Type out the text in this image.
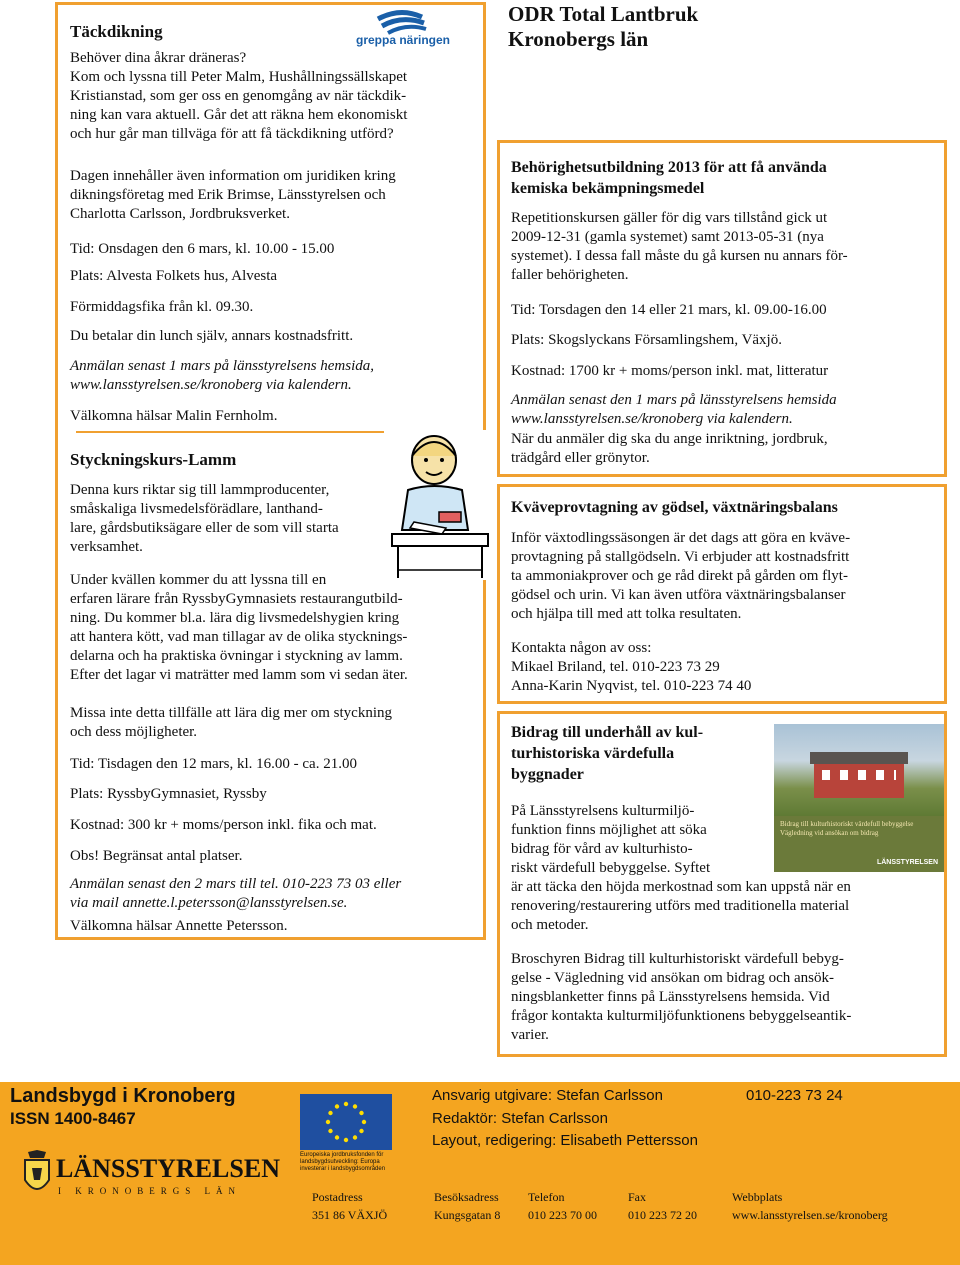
Täckdikning	greppa näringen
Behöver dina åkrar dräneras?
Kom och lyssna till Peter Malm, Hushållningssällskapet
Kristianstad, som ger oss en genomgång av när täckdik-
ning kan vara aktuell. Går det att räkna hem ekonomiskt
och hur går man tillväga för att få täckdikning utförd?
Dagen innehåller även information om juridiken kring
dikningsföretag med Erik Brimse, Länsstyrelsen och
Charlotta Carlsson, Jordbruksverket.

Tid: Onsdagen den 6 mars, kl. 10.00 - 15.00

Plats: Alvesta Folkets hus, Alvesta

Förmiddagsfika från kl. 09.30.

Du betalar din lunch själv, annars kostnadsfritt.

Anmälan senast 1 mars på länsstyrelsens hemsida,
www.lansstyrelsen.se/kronoberg via kalendern.

Välkomna hälsar Malin Fernholm.

Styckningskurs-Lamm

Denna kurs riktar sig till lammproducenter,
småskaliga livsmedelsförädlare, lanthand-
lare, gårdsbutiksägare eller de som vill starta
verksamhet.
Under kvällen kommer du att lyssna till en
erfaren lärare från RyssbyGymnasiets restaurangutbild-
ning. Du kommer bl.a. lära dig livsmedelshygien kring
att hantera kött, vad man tillagar av de olika stycknings-
delarna och ha praktiska övningar i styckning av lamm.
Efter det lagar vi maträtter med lamm som vi sedan äter.
Missa inte detta tillfälle att lära dig mer om styckning
och dess möjligheter.

Tid: Tisdagen den 12 mars, kl. 16.00 - ca. 21.00

Plats: RyssbyGymnasiet, Ryssby

Kostnad: 300 kr + moms/person inkl. fika och mat.

Obs! Begränsat antal platser.

Anmälan senast den 2 mars till tel. 010-223 73 03 eller
via mail annette.l.petersson@lansstyrelsen.se.

Välkomna hälsar Annette Petersson.

ODR Total Lantbruk
Kronobergs län
Behörighetsutbildning 2013 för att få använda
kemiska bekämpningsmedel
Repetitionskursen gäller för dig vars tillstånd gick ut
2009-12-31 (gamla systemet) samt 2013-05-31 (nya
systemet). I dessa fall måste du gå kursen nu annars för-
faller behörigheten.

Tid: Torsdagen den 14 eller 21 mars, kl. 09.00-16.00

Plats: Skogslyckans Församlingshem, Växjö.

Kostnad: 1700 kr + moms/person inkl. mat, litteratur

Anmälan senast den 1 mars på länsstyrelsens hemsida
www.lansstyrelsen.se/kronoberg via kalendern.
När du anmäler dig ska du ange inriktning, jordbruk,
trädgård eller grönytor.

Kväveprovtagning av gödsel, växtnäringsbalans

Inför växtodlingssäsongen är det dags att göra en kväve-
provtagning på stallgödseln. Vi erbjuder att kostnadsfritt
ta ammoniakprover och ge råd direkt på gården om flyt-
gödsel och urin. Vi kan även utföra växtnäringsbalanser
och hjälpa till med att tolka resultaten.
Kontakta någon av oss:
Mikael Briland, tel. 010-223 73 29
Anna-Karin Nyqvist, tel. 010-223 74 40
Bidrag till underhåll av kul-
turhistoriska värdefulla
byggnader
Bidrag till kulturhistoriskt värdefull bebyggelse
Vägledning vid ansökan om bidrag
LÄNSSTYRELSEN
På Länsstyrelsens kulturmiljö-
funktion finns möjlighet att söka
bidrag för vård av kulturhisto-
riskt värdefull bebyggelse. Syftet
är att täcka den höjda merkostnad som kan uppstå när en
renovering/restaurering utförs med traditionella material
och metoder.
Broschyren Bidrag till kulturhistoriskt värdefull bebyg-
gelse - Vägledning vid ansökan om bidrag och ansök-
ningsblanketter finns på Länsstyrelsens hemsida. Vid
frågor kontakta kulturmiljöfunktionens bebyggelseantik-
varier.

Landsbygd i Kronoberg

ISSN 1400-8467

Europeiska jordbruksfonden för
landsbygdsutveckling: Europa
investerar i landsbygdsområden

Ansvarig utgivare: Stefan Carlsson	010-223 73 24

Redaktör: Stefan Carlsson

Layout, redigering: Elisabeth Pettersson

LÄNSSTYRELSEN
I KRONOBERGS LÄN	Postadress
351 86 VÄXJÖ
Besöksadress
Kungsgatan 8
Telefon
010 223 70 00
Fax
010 223 72 20
Webbplats
www.lansstyrelsen.se/kronoberg
